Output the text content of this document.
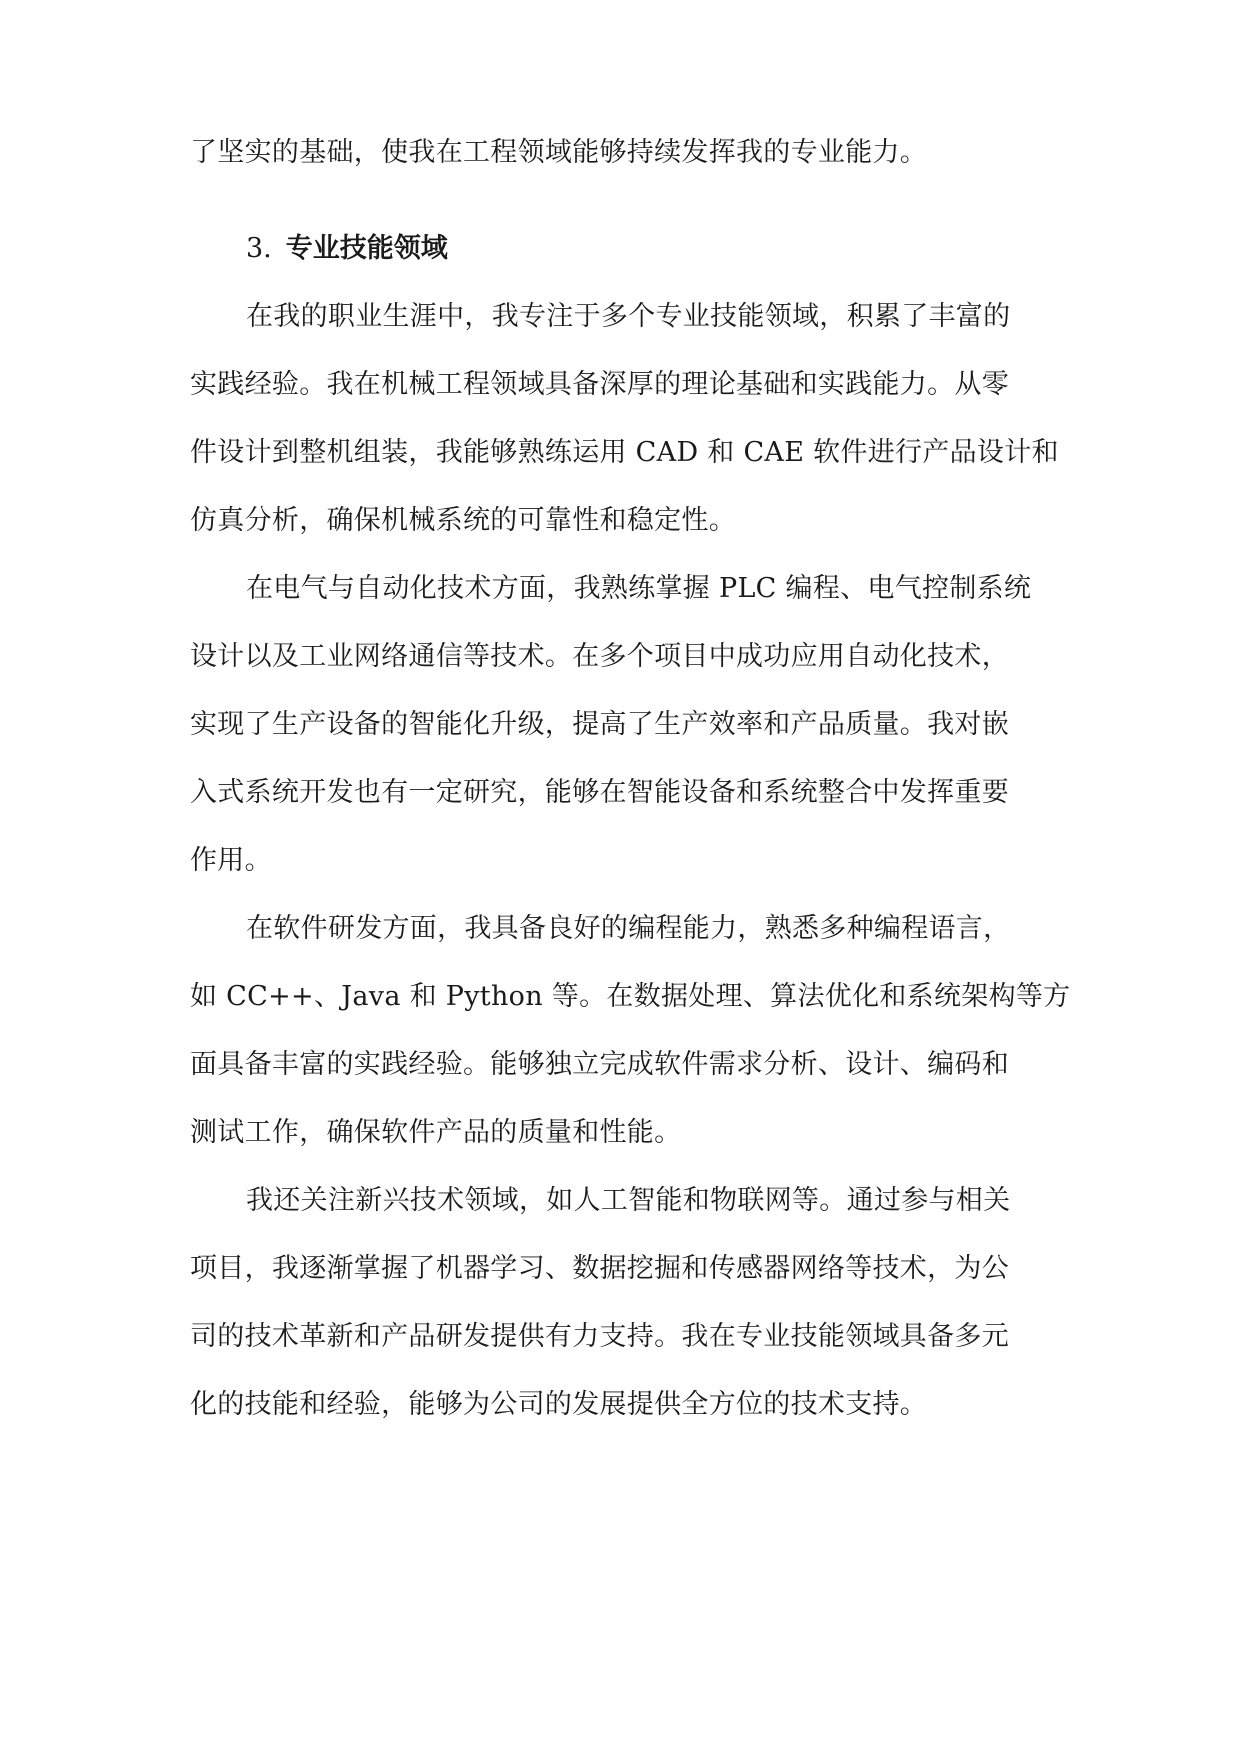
了坚实的基础，使我在工程领域能够持续发挥我的专业能力。
3. 专业技能领域
在我的职业生涯中，我专注于多个专业技能领域，积累了丰富的
实践经验。我在机械工程领域具备深厚的理论基础和实践能力。从零
件设计到整机组装，我能够熟练运用 CAD 和 CAE 软件进行产品设计和
仿真分析，确保机械系统的可靠性和稳定性。
在电气与自动化技术方面，我熟练掌握 PLC 编程、电气控制系统
设计以及工业网络通信等技术。在多个项目中成功应用自动化技术，
实现了生产设备的智能化升级，提高了生产效率和产品质量。我对嵌
入式系统开发也有一定研究，能够在智能设备和系统整合中发挥重要
作用。
在软件研发方面，我具备良好的编程能力，熟悉多种编程语言，
如 CC++、Java 和 Python 等。在数据处理、算法优化和系统架构等方
面具备丰富的实践经验。能够独立完成软件需求分析、设计、编码和
测试工作，确保软件产品的质量和性能。
我还关注新兴技术领域，如人工智能和物联网等。通过参与相关
项目，我逐渐掌握了机器学习、数据挖掘和传感器网络等技术，为公
司的技术革新和产品研发提供有力支持。我在专业技能领域具备多元
化的技能和经验，能够为公司的发展提供全方位的技术支持。
